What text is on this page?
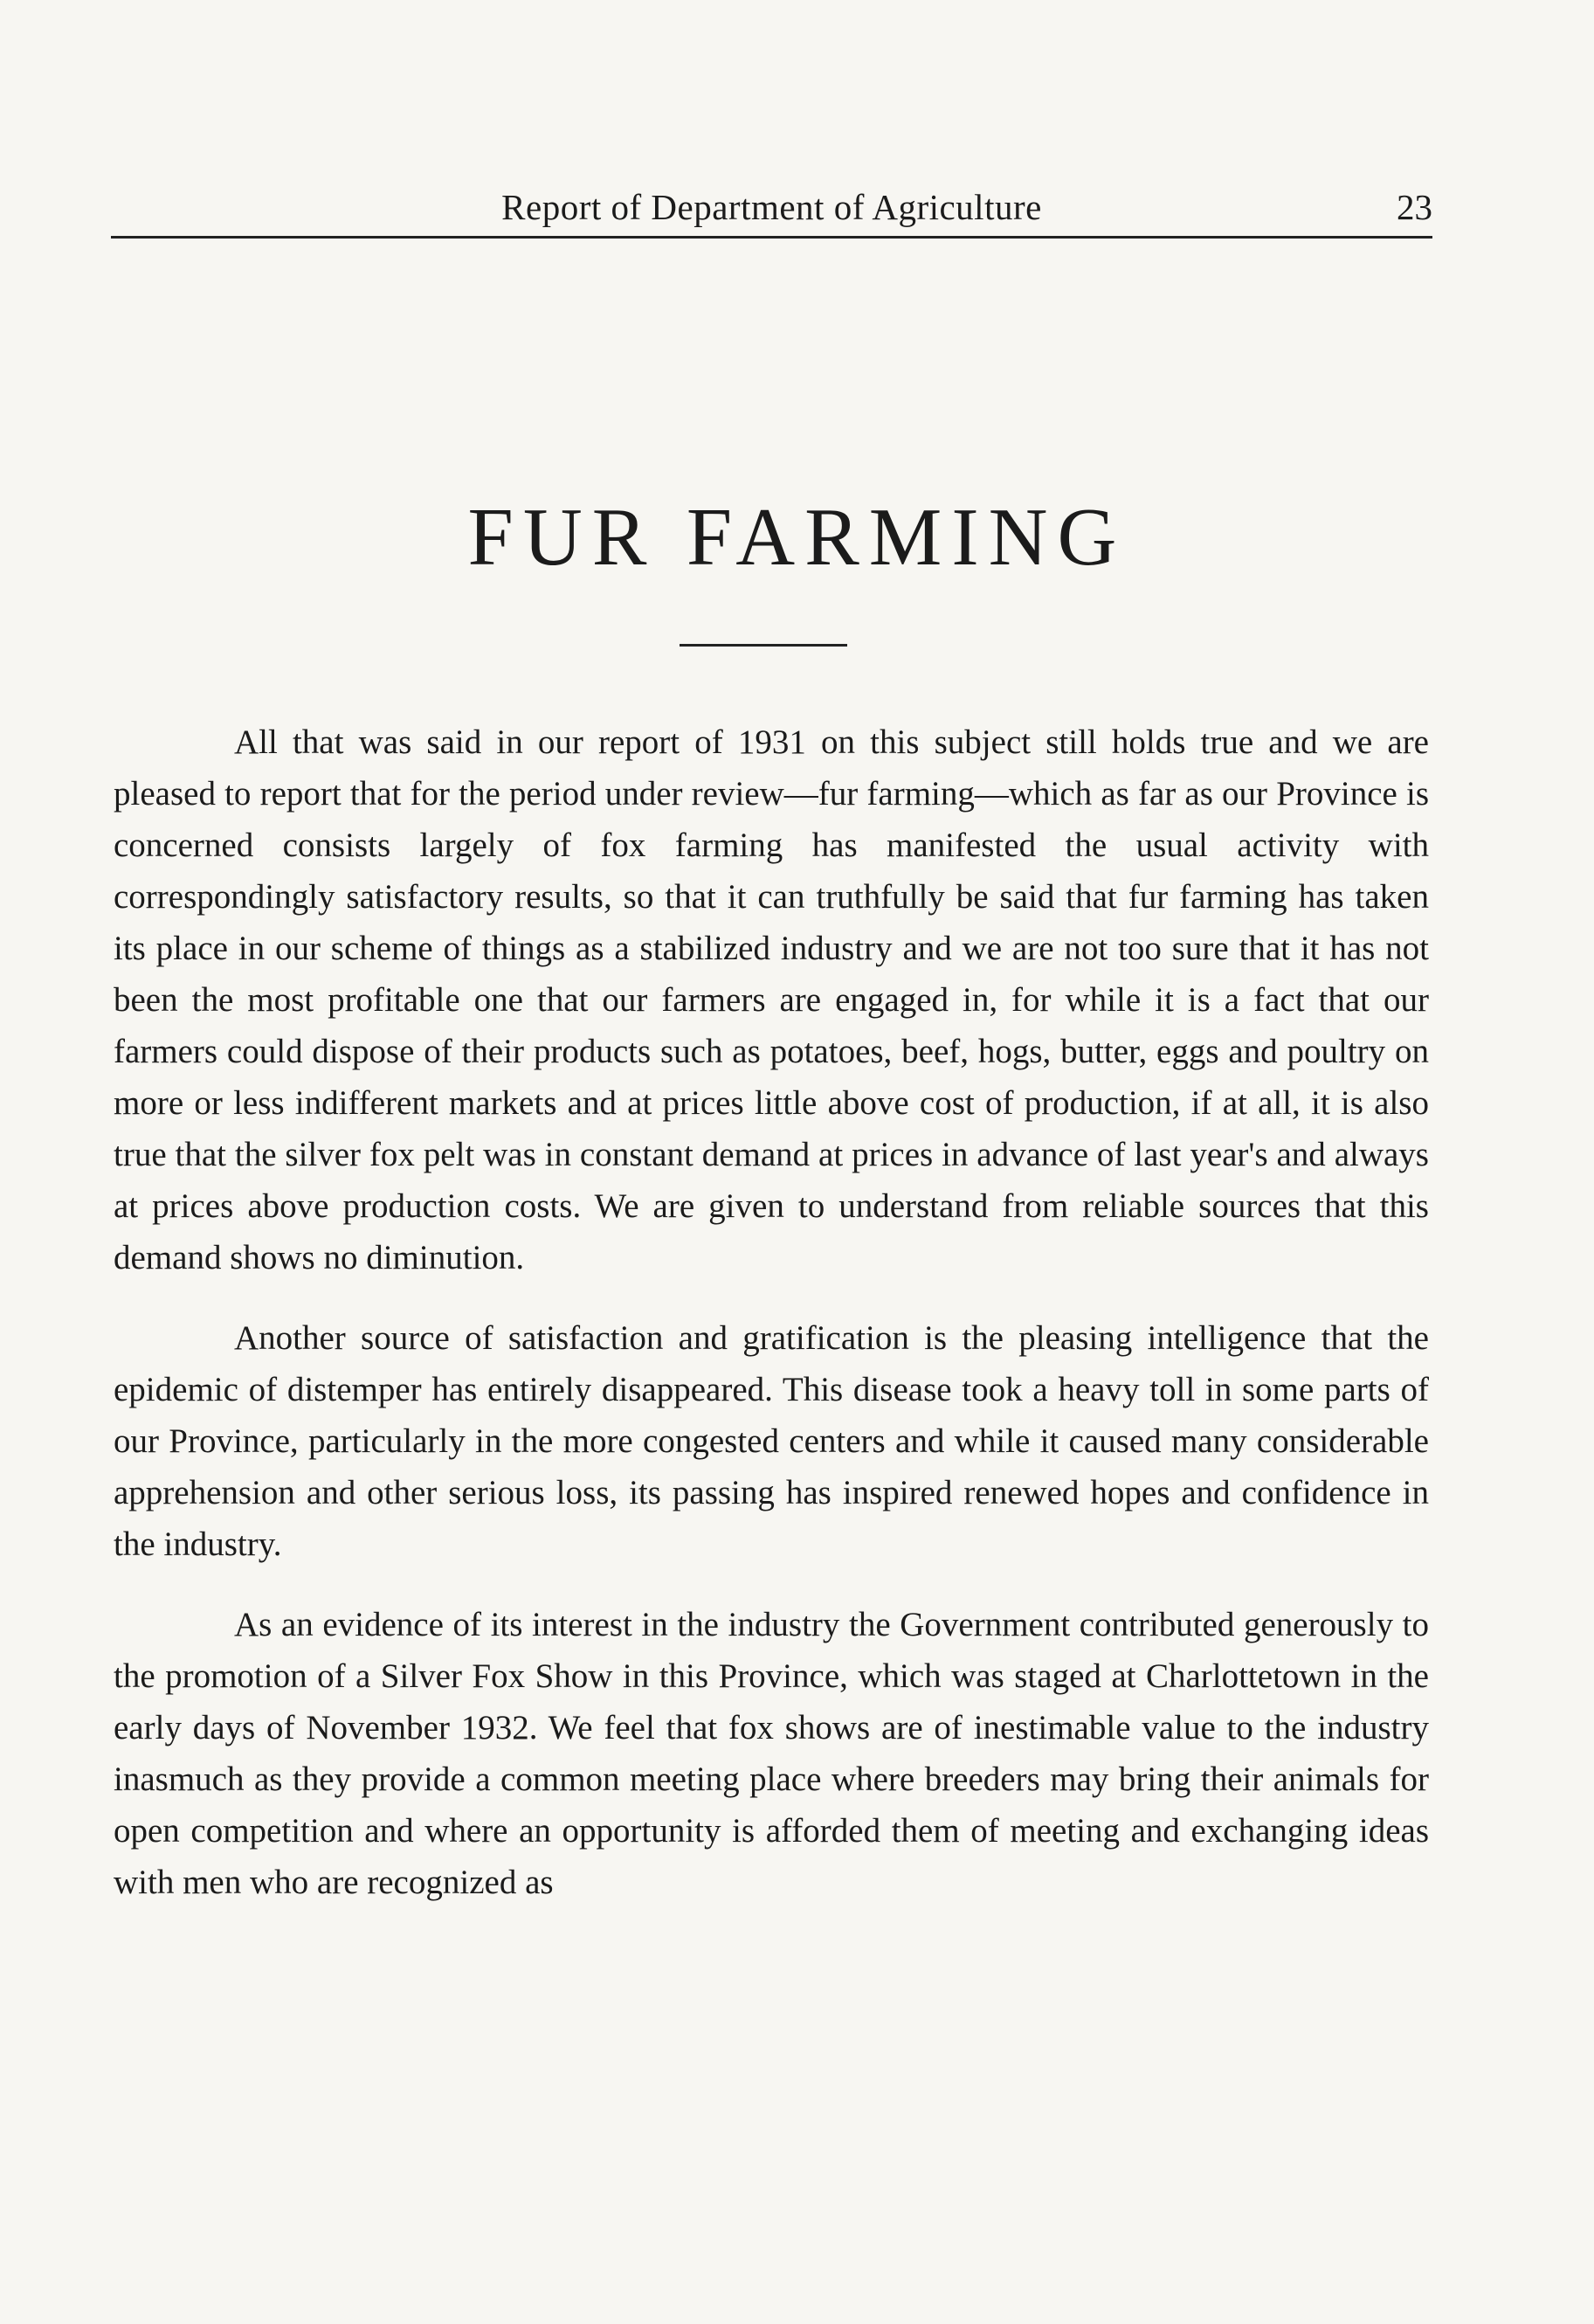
Report of Department of Agriculture	23
FUR FARMING

All that was said in our report of 1931 on this subject still holds true and we are pleased to report that for the period under review—fur farming—which as far as our Province is concerned consists largely of fox farming has manifested the usual activity with correspondingly satisfactory results, so that it can truthfully be said that fur farming has taken its place in our scheme of things as a stabilized industry and we are not too sure that it has not been the most profitable one that our farmers are engaged in, for while it is a fact that our farmers could dispose of their products such as potatoes, beef, hogs, butter, eggs and poultry on more or less indifferent markets and at prices little above cost of production, if at all, it is also true that the silver fox pelt was in constant demand at prices in advance of last year's and always at prices above production costs. We are given to understand from reliable sources that this demand shows no diminution.

Another source of satisfaction and gratification is the pleasing intelligence that the epidemic of distemper has entirely disappeared. This disease took a heavy toll in some parts of our Province, particularly in the more congested centers and while it caused many considerable apprehension and other serious loss, its passing has inspired renewed hopes and confidence in the industry.

As an evidence of its interest in the industry the Government contributed generously to the promotion of a Silver Fox Show in this Province, which was staged at Charlottetown in the early days of November 1932. We feel that fox shows are of inestimable value to the industry inasmuch as they provide a common meeting place where breeders may bring their animals for open competition and where an opportunity is afforded them of meeting and exchanging ideas with men who are recognized as
